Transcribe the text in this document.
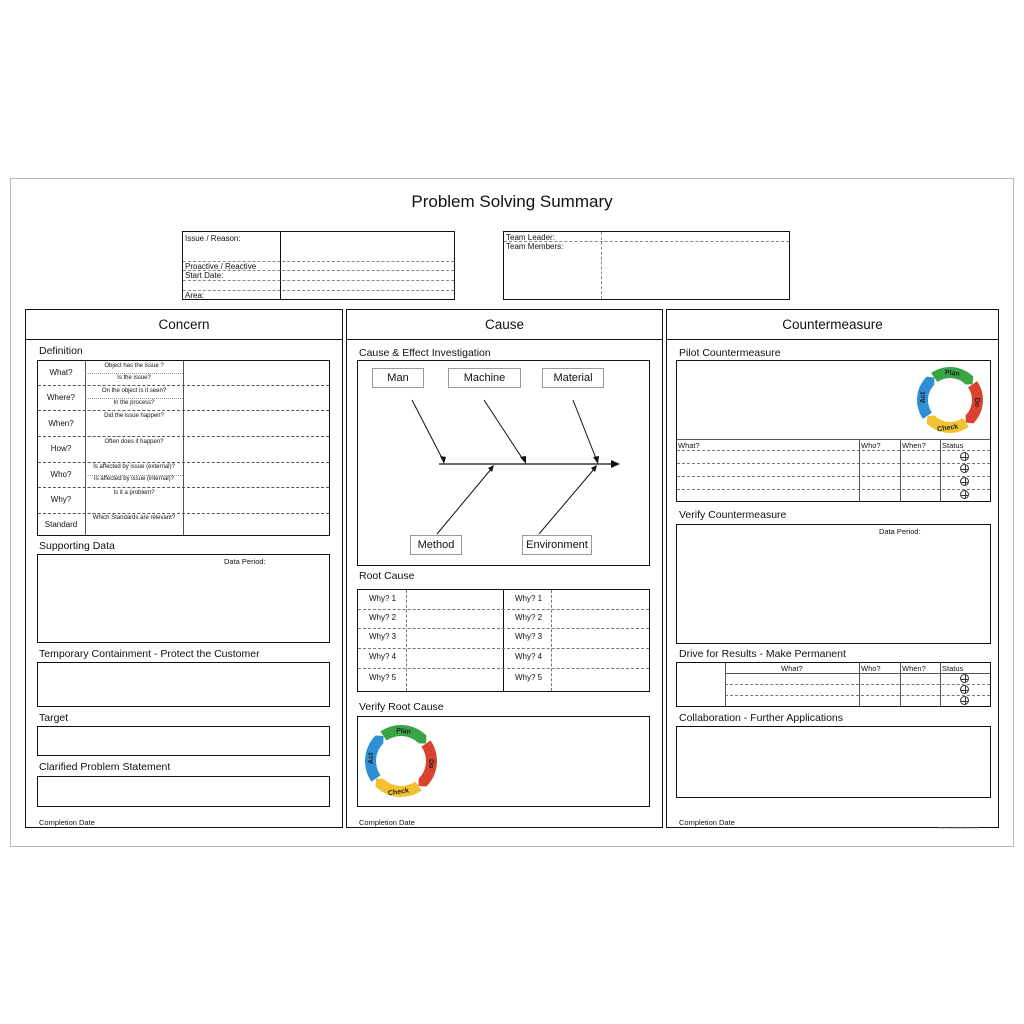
Problem Solving Summary
Issue / Reason:
Proactive / Reactive
Start Date:
Area:
Team Leader:
Team Members:
Concern
Definition
What?
Object has the issue ?
Is the issue?
Where?
On the object is it seen?
In the process?
When?
Did the issue happen?
How?
Often does it happen?
Who?
Is affected by issue (external)?
Is affected by issue (internal)?
Why?
Is it a problem?
Standard
Which Standards are relevant?
Supporting Data
Data Period:
Temporary Containment - Protect the Customer
Target
Clarified Problem Statement
Completion Date
Cause
Cause & Effect Investigation
Man	Machine	Material
Method	Environment
Root Cause
Why? 1
Why? 2
Why? 3
Why? 4
Why? 5
Why? 1
Why? 2
Why? 3
Why? 4
Why? 5
Verify Root Cause
Completion Date
Countermeasure
Pilot Countermeasure
What?	Who?	When? Status
Verify Countermeasure
Data Period:
Drive for Results - Make Permanent
What?	Who?	When? Status
Collaboration - Further Applications
Completion Date
www.visualworkplace.com
Plan
Do
Check
Act
Plan
Do
Check
Act
